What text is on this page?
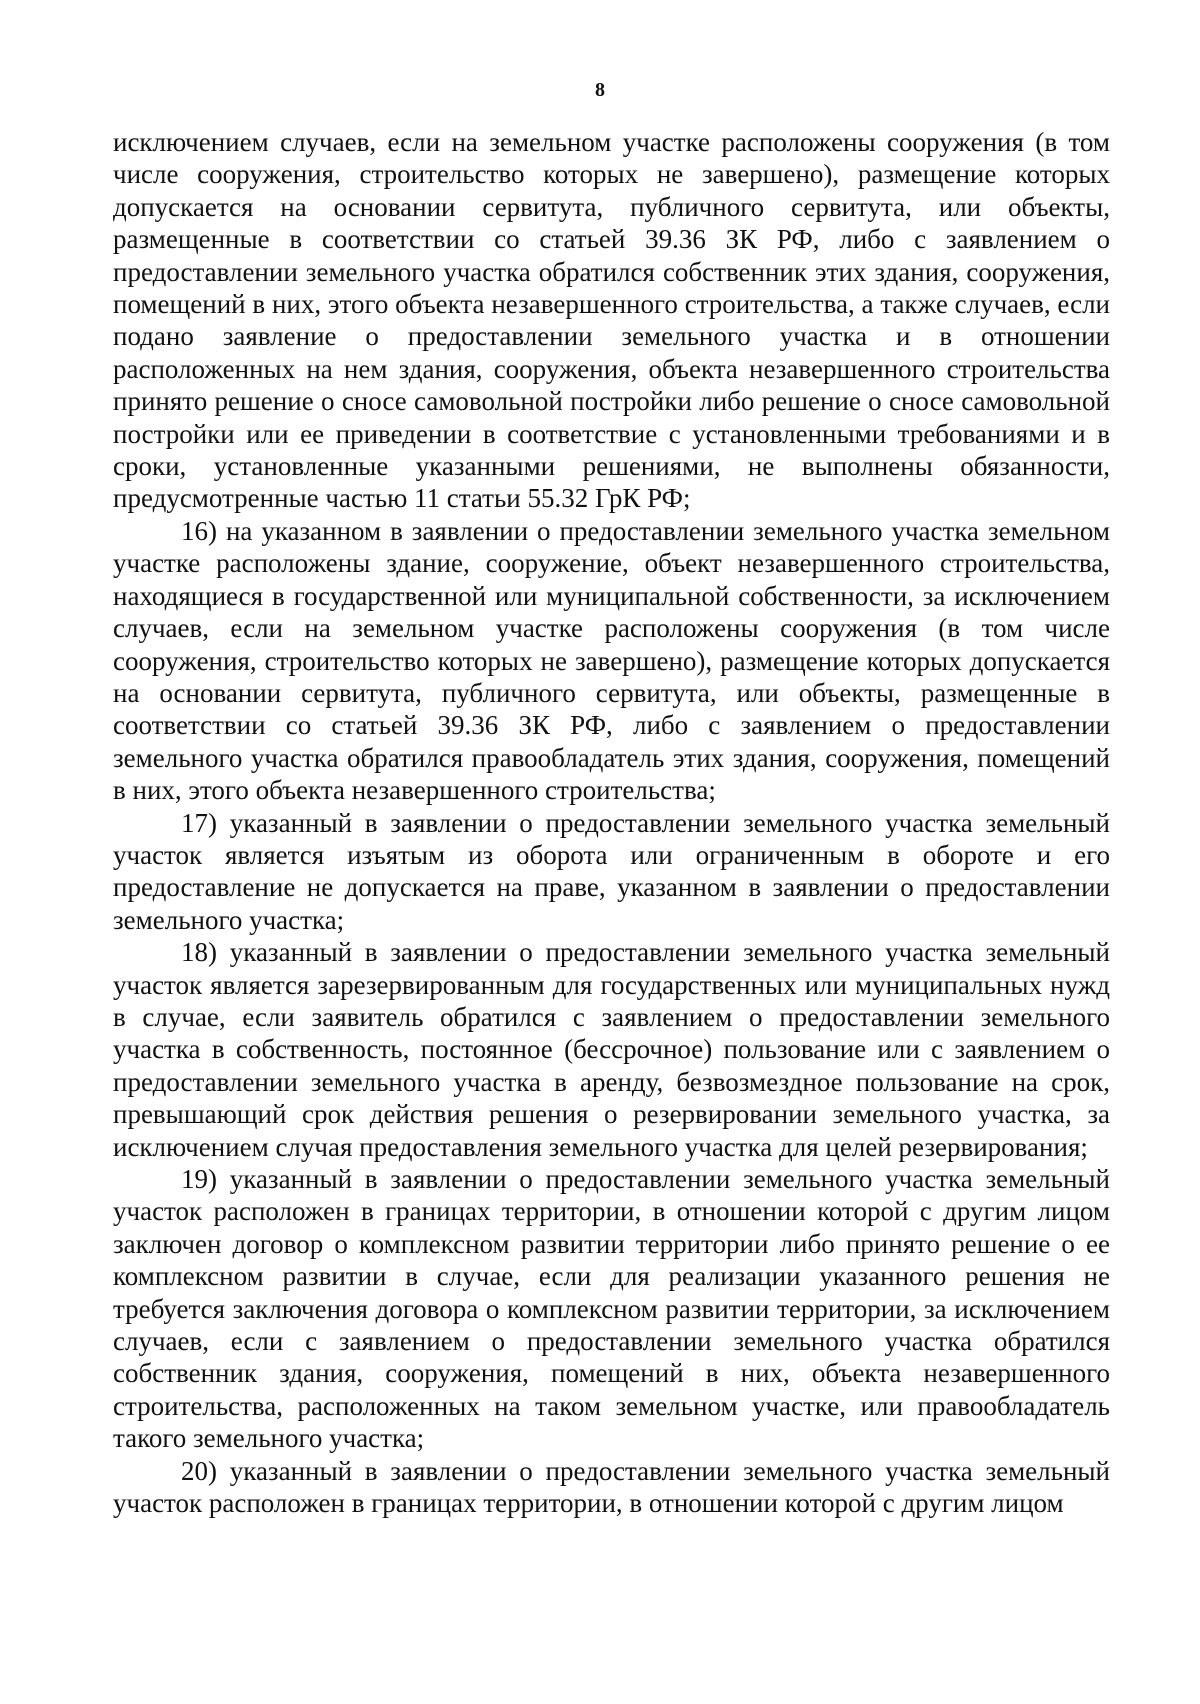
8

исключением случаев, если на земельном участке расположены сооружения (в том числе сооружения, строительство которых не завершено), размещение которых допускается на основании сервитута, публичного сервитута, или объекты, размещенные в соответствии со статьей 39.36 ЗК РФ, либо с заявлением о предоставлении земельного участка обратился собственник этих здания, сооружения, помещений в них, этого объекта незавершенного строительства, а также случаев, если подано заявление о предоставлении земельного участка и в отношении расположенных на нем здания, сооружения, объекта незавершенного строительства принято решение о сносе самовольной постройки либо решение о сносе самовольной постройки или ее приведении в соответствие с установленными требованиями и в сроки, установленные указанными решениями, не выполнены обязанности, предусмотренные частью 11 статьи 55.32 ГрК РФ;

16) на указанном в заявлении о предоставлении земельного участка земельном участке расположены здание, сооружение, объект незавершенного строительства, находящиеся в государственной или муниципальной собственности, за исключением случаев, если на земельном участке расположены сооружения (в том числе сооружения, строительство которых не завершено), размещение которых допускается на основании сервитута, публичного сервитута, или объекты, размещенные в соответствии со статьей 39.36 ЗК РФ, либо с заявлением о предоставлении земельного участка обратился правообладатель этих здания, сооружения, помещений в них, этого объекта незавершенного строительства;

17) указанный в заявлении о предоставлении земельного участка земельный участок является изъятым из оборота или ограниченным в обороте и его предоставление не допускается на праве, указанном в заявлении о предоставлении земельного участка;

18) указанный в заявлении о предоставлении земельного участка земельный участок является зарезервированным для государственных или муниципальных нужд в случае, если заявитель обратился с заявлением о предоставлении земельного участка в собственность, постоянное (бессрочное) пользование или с заявлением о предоставлении земельного участка в аренду, безвозмездное пользование на срок, превышающий срок действия решения о резервировании земельного участка, за исключением случая предоставления земельного участка для целей резервирования;

19) указанный в заявлении о предоставлении земельного участка земельный участок расположен в границах территории, в отношении которой с другим лицом заключен договор о комплексном развитии территории либо принято решение о ее комплексном развитии в случае, если для реализации указанного решения не требуется заключения договора о комплексном развитии территории, за исключением случаев, если с заявлением о предоставлении земельного участка обратился собственник здания, сооружения, помещений в них, объекта незавершенного строительства, расположенных на таком земельном участке, или правообладатель такого земельного участка;

20) указанный в заявлении о предоставлении земельного участка земельный участок расположен в границах территории, в отношении которой с другим лицом
